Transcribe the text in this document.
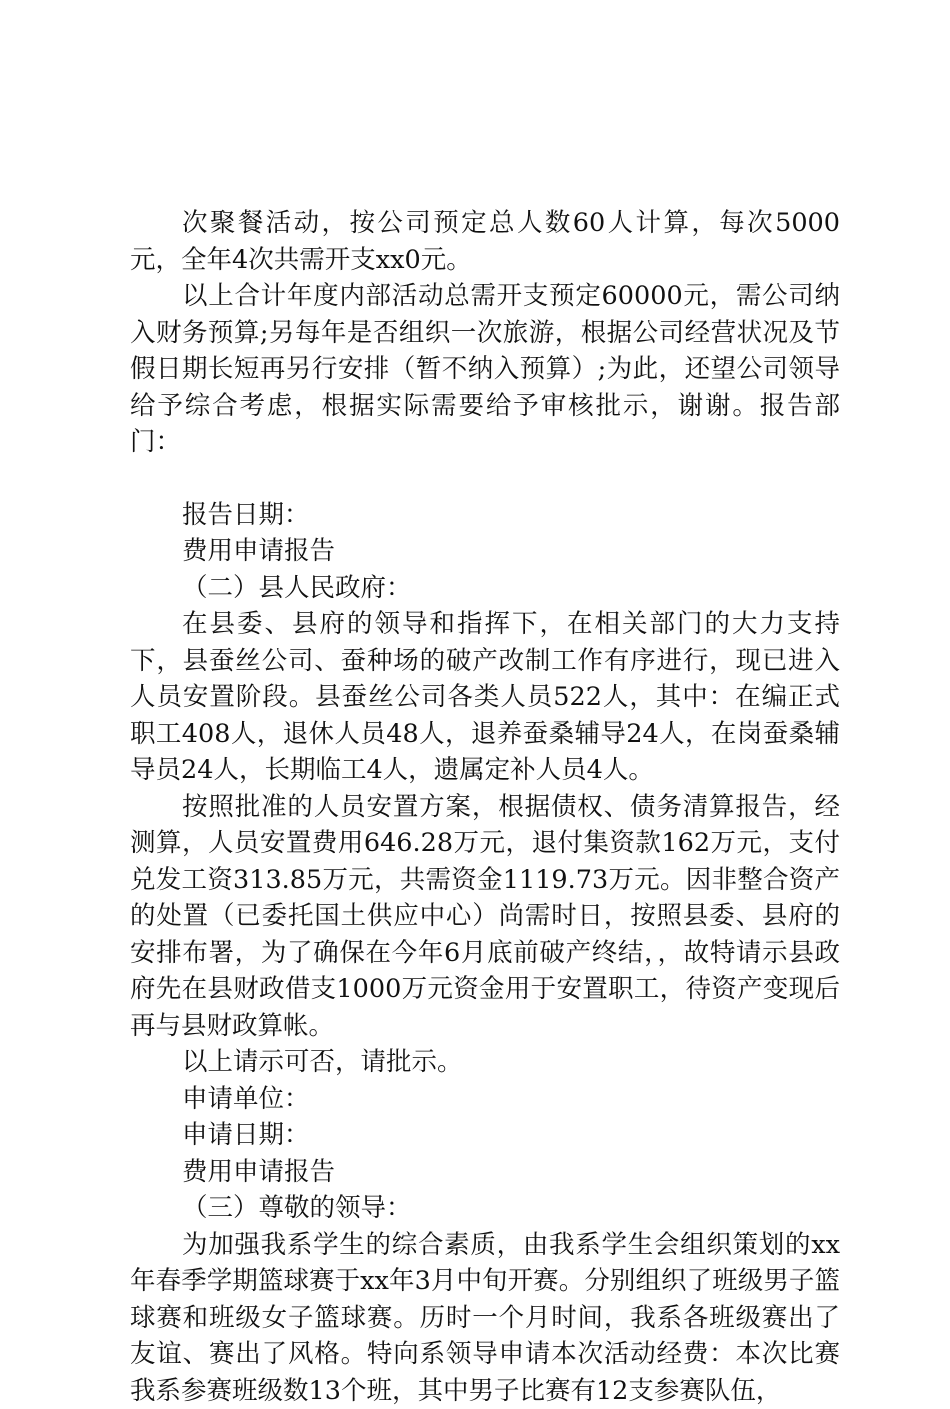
次聚餐活动，按公司预定总人数60人计算，每次5000元，全年4次共需开支xx0元。

以上合计年度内部活动总需开支预定60000元，需公司纳入财务预算;另每年是否组织一次旅游，根据公司经营状况及节假日期长短再另行安排（暂不纳入预算）;为此，还望公司领导给予综合考虑，根据实际需要给予审核批示，谢谢。报告部门：

报告日期：

费用申请报告

（二）县人民政府：

在县委、县府的领导和指挥下，在相关部门的大力支持下，县蚕丝公司、蚕种场的破产改制工作有序进行，现已进入人员安置阶段。县蚕丝公司各类人员522人，其中：在编正式职工408人，退休人员48人，退养蚕桑辅导24人，在岗蚕桑辅导员24人，长期临工4人，遗属定补人员4人。

按照批准的人员安置方案，根据债权、债务清算报告，经测算，人员安置费用646.28万元，退付集资款162万元，支付兑发工资313.85万元，共需资金1119.73万元。因非整合资产的处置（已委托国土供应中心）尚需时日，按照县委、县府的安排布署，为了确保在今年6月底前破产终结，，故特请示县政府先在县财政借支1000万元资金用于安置职工，待资产变现后再与县财政算帐。

以上请示可否，请批示。

申请单位：

申请日期：

费用申请报告

（三）尊敬的领导：

为加强我系学生的综合素质，由我系学生会组织策划的xx年春季学期篮球赛于xx年3月中旬开赛。分别组织了班级男子篮球赛和班级女子篮球赛。历时一个月时间，我系各班级赛出了友谊、赛出了风格。特向系领导申请本次活动经费：本次比赛我系参赛班级数13个班，其中男子比赛有12支参赛队伍，
